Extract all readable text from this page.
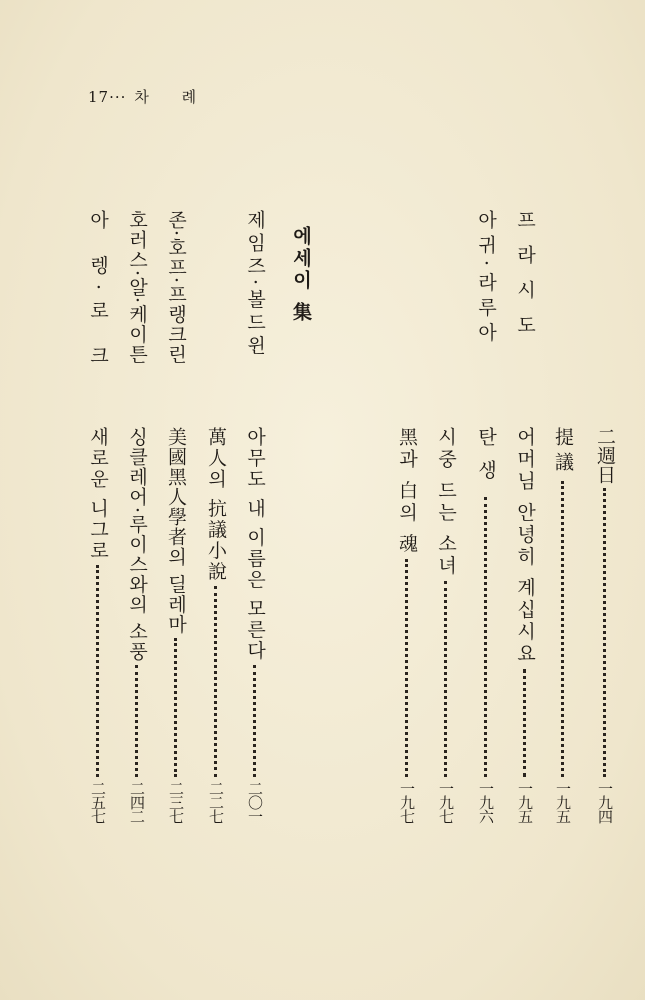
17··· 차 례
二週日
一九四
提議
一九五
어머님 안녕히 계십시요
一九五
탄생
一九六
시중 드는 소녀
一九七
黑과 白의 魂
一九七
프라시도
아귀·라루아
에세이 集
제임즈·볼드윈
존·호프·프랭크린
호러스·알·케이튼
아 렝·로 크
아무도 내 이름은 모른다
二〇一
萬人의 抗議小說
二二七
美國黑人學者의 딜레마
二三七
싱클레어·루이스와의 소풍
二四二
새로운 니그로
二五七
